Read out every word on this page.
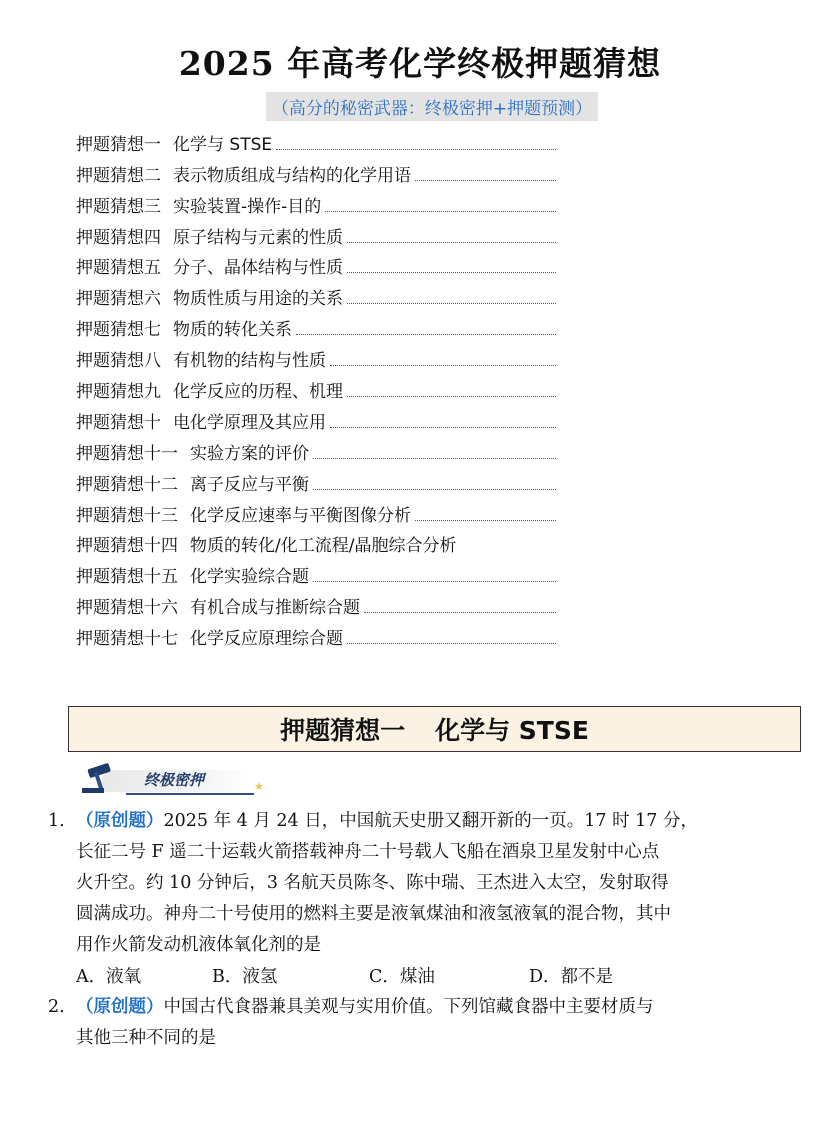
2025 年高考化学终极押题猜想
（高分的秘密武器：终极密押+押题预测）
押题猜想一 化学与 STSE
押题猜想二 表示物质组成与结构的化学用语
押题猜想三 实验装置-操作-目的
押题猜想四 原子结构与元素的性质
押题猜想五 分子、晶体结构与性质
押题猜想六 物质性质与用途的关系
押题猜想七 物质的转化关系
押题猜想八 有机物的结构与性质
押题猜想九 化学反应的历程、机理
押题猜想十 电化学原理及其应用
押题猜想十一 实验方案的评价
押题猜想十二 离子反应与平衡
押题猜想十三 化学反应速率与平衡图像分析
押题猜想十四 物质的转化/化工流程/晶胞综合分析
押题猜想十五 化学实验综合题
押题猜想十六 有机合成与推断综合题
押题猜想十七 化学反应原理综合题
押题猜想一 化学与 STSE
终极密押	★

1. （原创题）2025 年 4 月 24 日，中国航天史册又翻开新的一页。17 时 17 分，

长征二号 F 遥二十运载火箭搭载神舟二十号载人飞船在酒泉卫星发射中心点

火升空。约 10 分钟后，3 名航天员陈冬、陈中瑞、王杰进入太空，发射取得

圆满成功。神舟二十号使用的燃料主要是液氧煤油和液氢液氧的混合物，其中

用作火箭发动机液体氧化剂的是

A．液氧	B．液氢	C．煤油	D．都不是

2. （原创题）中国古代食器兼具美观与实用价值。下列馆藏食器中主要材质与

其他三种不同的是
